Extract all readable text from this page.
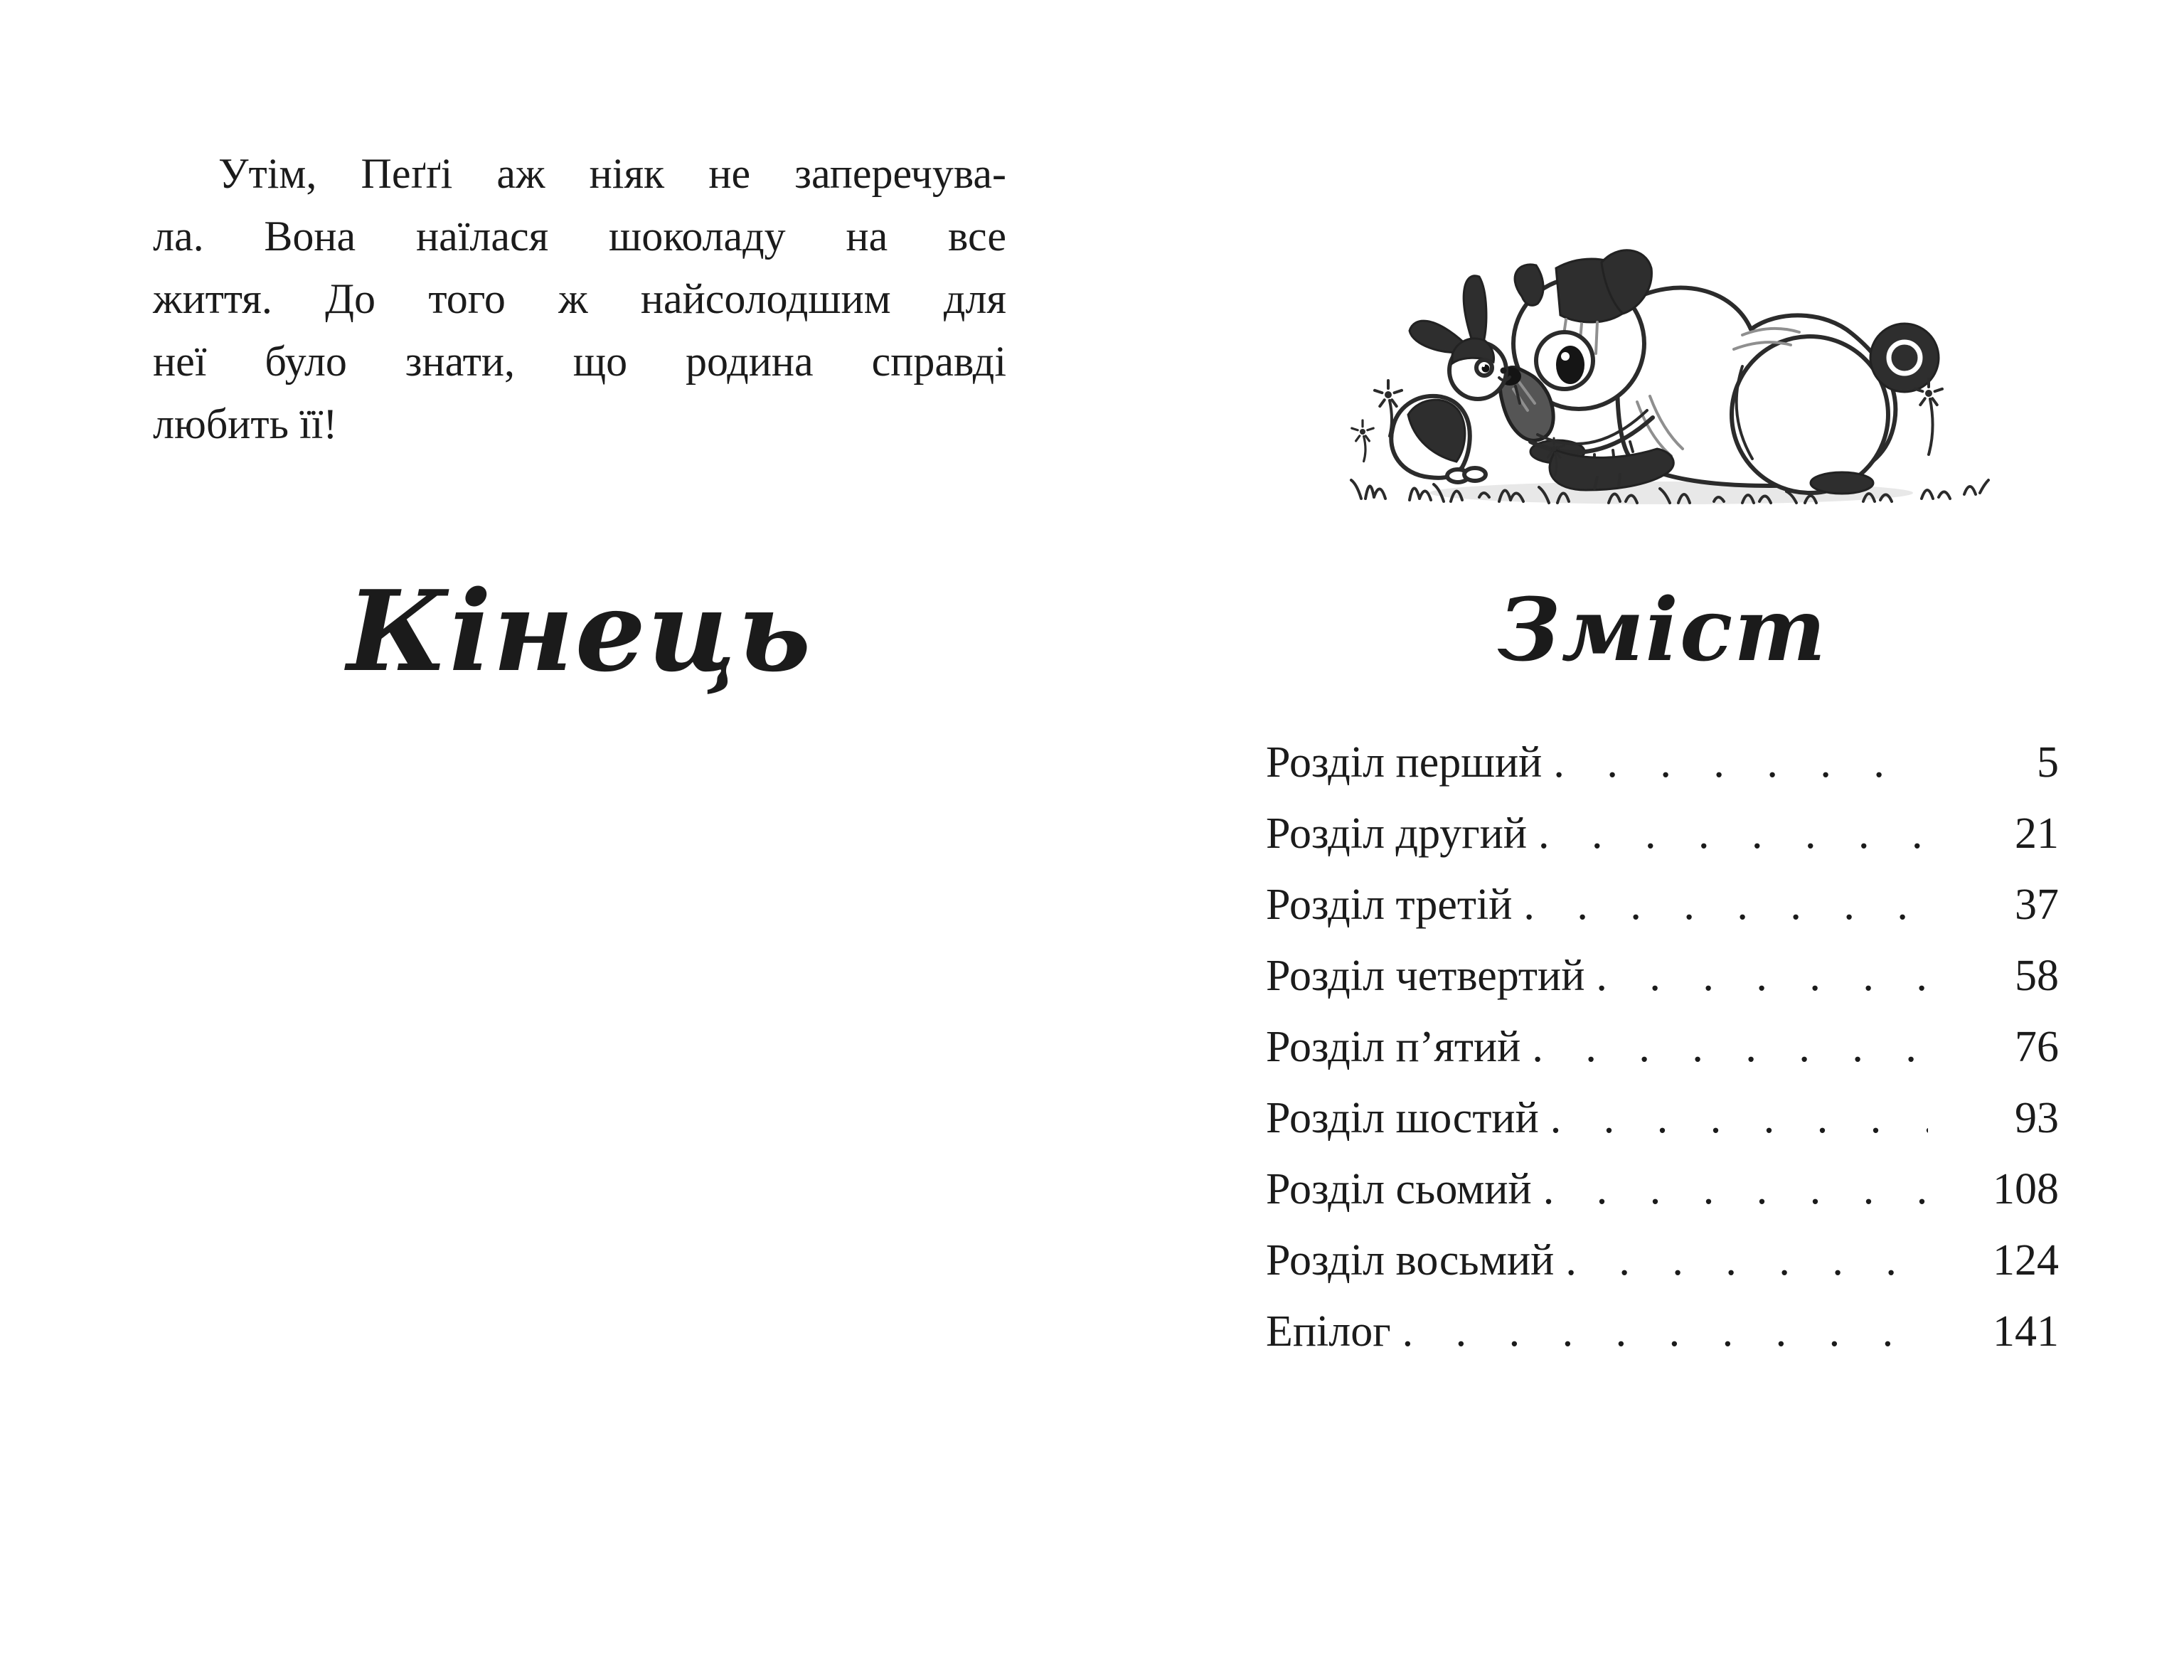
Утім, Пеґґі аж ніяк не заперечува-
ла. Вона наїлася шоколаду на все
життя. До того ж найсолодшим для
неї було знати, що родина справді
любить її!
Кінець	Зміст
Розділ перший . . .	5
Розділ другий . . .	21
Розділ третій . . .	37
Розділ четвертий . . .	58
Розділ п’ятий . . .	76
Розділ шостий . . .	93
Розділ сьомий . . .	108
Розділ восьмий . . .	124
Епілог . . .	141
